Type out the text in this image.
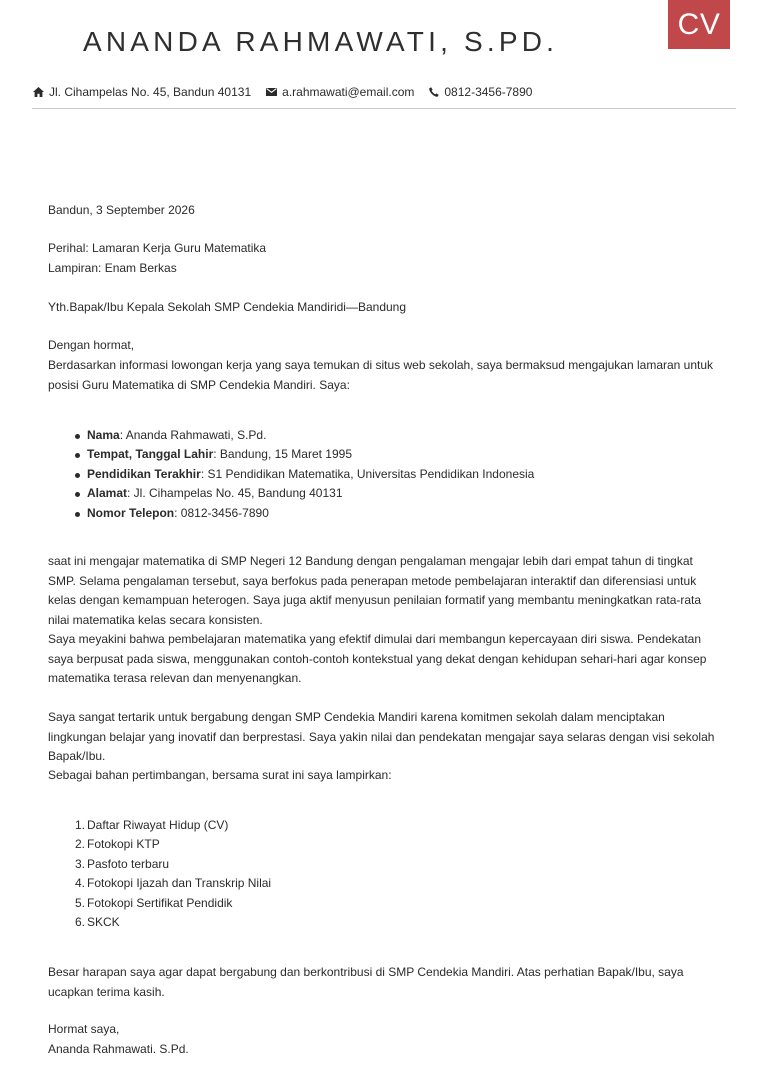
CV
ANANDA RAHMAWATI, S.PD.
Jl. Cihampelas No. 45, Bandun 40131	a.rahmawati@email.com	0812-3456-7890

Bandun, 3 September 2026

Perihal: Lamaran Kerja Guru Matematika

Lampiran: Enam Berkas

Yth.Bapak/Ibu Kepala Sekolah SMP Cendekia Mandiridi—Bandung

Dengan hormat,

Berdasarkan informasi lowongan kerja yang saya temukan di situs web sekolah, saya bermaksud mengajukan lamaran untuk posisi Guru Matematika di SMP Cendekia Mandiri. Saya:

Nama: Ananda Rahmawati, S.Pd.
Tempat, Tanggal Lahir: Bandung, 15 Maret 1995
Pendidikan Terakhir: S1 Pendidikan Matematika, Universitas Pendidikan Indonesia
Alamat: Jl. Cihampelas No. 45, Bandung 40131
Nomor Telepon: 0812-3456-7890

saat ini mengajar matematika di SMP Negeri 12 Bandung dengan pengalaman mengajar lebih dari empat tahun di tingkat SMP. Selama pengalaman tersebut, saya berfokus pada penerapan metode pembelajaran interaktif dan diferensiasi untuk kelas dengan kemampuan heterogen. Saya juga aktif menyusun penilaian formatif yang membantu meningkatkan rata-rata nilai matematika kelas secara konsisten.

Saya meyakini bahwa pembelajaran matematika yang efektif dimulai dari membangun kepercayaan diri siswa. Pendekatan saya berpusat pada siswa, menggunakan contoh-contoh kontekstual yang dekat dengan kehidupan sehari-hari agar konsep matematika terasa relevan dan menyenangkan.

Saya sangat tertarik untuk bergabung dengan SMP Cendekia Mandiri karena komitmen sekolah dalam menciptakan lingkungan belajar yang inovatif dan berprestasi. Saya yakin nilai dan pendekatan mengajar saya selaras dengan visi sekolah Bapak/Ibu.

Sebagai bahan pertimbangan, bersama surat ini saya lampirkan:

1. Daftar Riwayat Hidup (CV)
2. Fotokopi KTP
3. Pasfoto terbaru
4. Fotokopi Ijazah dan Transkrip Nilai
5. Fotokopi Sertifikat Pendidik
6. SKCK

Besar harapan saya agar dapat bergabung dan berkontribusi di SMP Cendekia Mandiri. Atas perhatian Bapak/Ibu, saya ucapkan terima kasih.

Hormat saya,

Ananda Rahmawati. S.Pd.
